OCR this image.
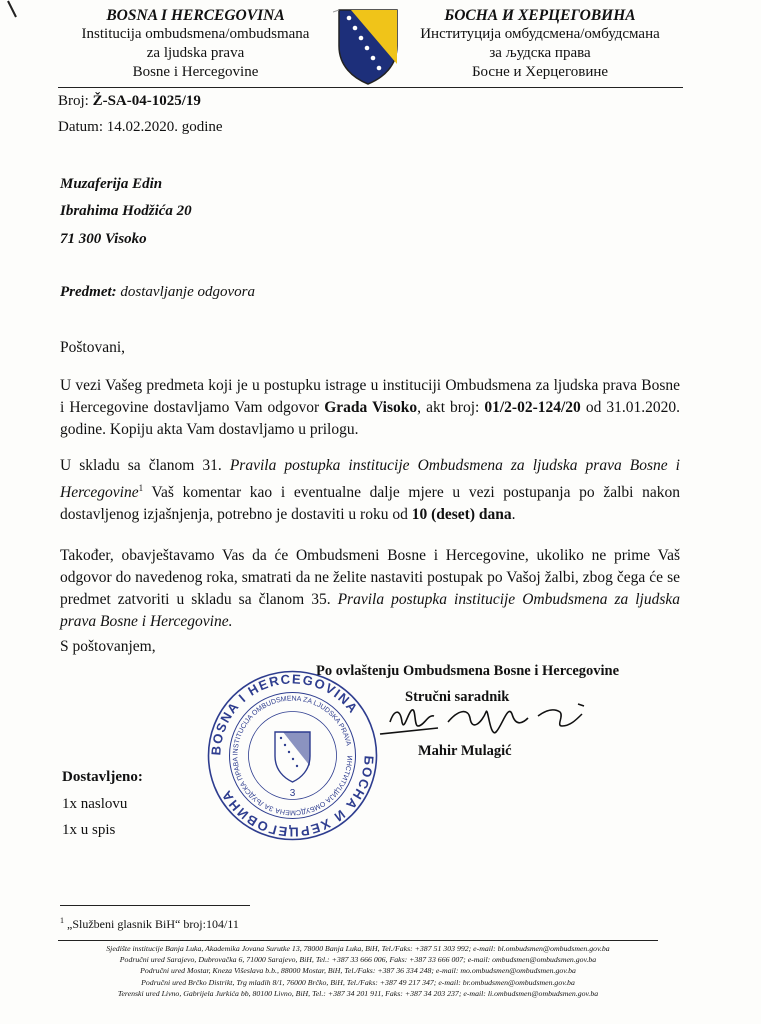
BOSNA I HERCEGOVINA
Institucija ombudsmena/ombudsmana
za ljudska prava
Bosne i Hercegovine
БОСНА И ХЕРЦЕГОВИНА
Институција омбудсмена/омбудсмана
за људска права
Босне и Херцеговине
Broj: Ž-SA-04-1025/19
Datum: 14.02.2020. godine
Muzaferija Edin
Ibrahima Hodžića 20
71 300 Visoko
Predmet: dostavljanje odgovora
Poštovani,
U vezi Vašeg predmeta koji je u postupku istrage u instituciji Ombudsmena za ljudska prava Bosne i Hercegovine dostavljamo Vam odgovor Grada Visoko, akt broj: 01/2-02-124/20 od 31.01.2020. godine. Kopiju akta Vam dostavljamo u prilogu.
U skladu sa članom 31. Pravila postupka institucije Ombudsmena za ljudska prava Bosne i Hercegovine$^1$ Vaš komentar kao i eventualne dalje mjere u vezi postupanja po žalbi nakon dostavljenog izjašnjenja, potrebno je dostaviti u roku od 10 (deset) dana.
Također, obavještavamo Vas da će Ombudsmeni Bosne i Hercegovine, ukoliko ne prime Vaš odgovor do navedenog roka, smatrati da ne želite nastaviti postupak po Vašoj žalbi, zbog čega će se predmet zatvoriti u skladu sa članom 35. Pravila postupka institucije Ombudsmena za ljudska prava Bosne i Hercegovine.
S poštovanjem,
Po ovlaštenju Ombudsmena Bosne i Hercegovine
Stručni saradnik
Mahir Mulagić
BOSNA I HERCEGOVINA
БОСНА И ХЕРЦЕГОВИНА
INSTITUCIJA OMBUDSMENA ZA LJUDSKA PRAVA
ИНСТИТУЦИЈА ОМБУДСМЕНА ЗА ЉУДСКА ПРАВА
3
Dostavljeno:
1x naslovu
1x u spis
$^1$ „Službeni glasnik BiH“ broj:104/11
Sjedište institucije Banja Luka, Akademika Jovana Surutke 13, 78000 Banja Luka, BiH, Tel./Faks: +387 51 303 992; e-mail: bl.ombudsmen@ombudsmen.gov.ba
Područni ured Sarajevo, Dubrovačka 6, 71000 Sarajevo, BiH, Tel.: +387 33 666 006, Faks: +387 33 666 007; e-mail: ombudsmen@ombudsmen.gov.ba
Područni ured Mostar, Kneza Višeslava b.b., 88000 Mostar, BiH, Tel./Faks: +387 36 334 248; e-mail: mo.ombudsmen@ombudsmen.gov.ba
Područni ured Brčko Distrikt, Trg mladih 8/1, 76000 Brčko, BiH, Tel./Faks: +387 49 217 347; e-mail: br.ombudsmen@ombudsmen.gov.ba
Terenski ured Livno, Gabrijela Jurkića bb, 80100 Livno, BiH, Tel.: +387 34 201 911, Faks: +387 34 203 237; e-mail: li.ombudsmen@ombudsmen.gov.ba
